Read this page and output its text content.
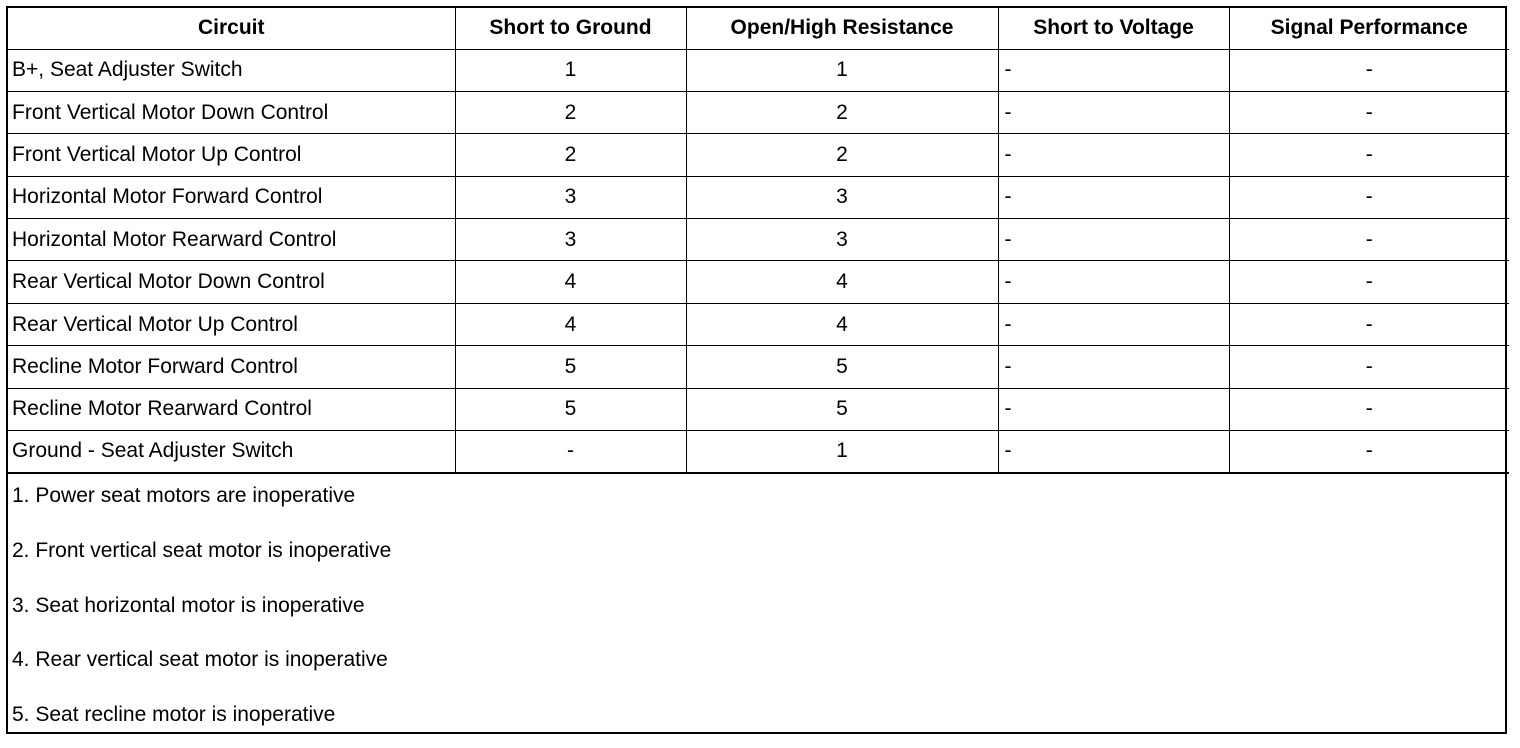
Circuit	Short to Ground	Open/High Resistance	Short to Voltage	Signal Performance
B+, Seat Adjuster Switch	1	1	-	-
Front Vertical Motor Down Control	2	2	-	-
Front Vertical Motor Up Control	2	2	-	-
Horizontal Motor Forward Control	3	3	-	-
Horizontal Motor Rearward Control	3	3	-	-
Rear Vertical Motor Down Control	4	4	-	-
Rear Vertical Motor Up Control	4	4	-	-
Recline Motor Forward Control	5	5	-	-
Recline Motor Rearward Control	5	5	-	-
Ground - Seat Adjuster Switch	-	1	-	-
1. Power seat motors are inoperative
2. Front vertical seat motor is inoperative
3. Seat horizontal motor is inoperative
4. Rear vertical seat motor is inoperative
5. Seat recline motor is inoperative
